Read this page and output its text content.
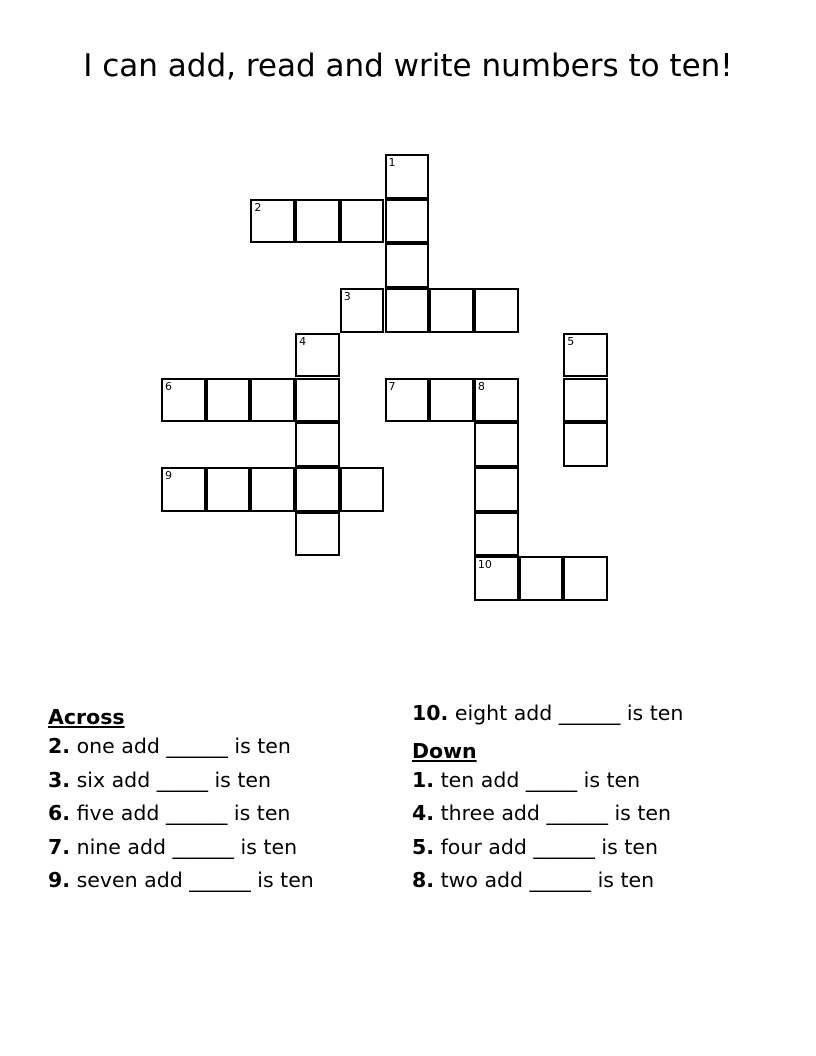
I can add, read and write numbers to ten!
1
2
3
4	5
6	7	8
10
9
Across
2. one add ______ is ten
3. six add _____ is ten
6. five add ______ is ten
7. nine add ______ is ten
9. seven add ______ is ten
10. eight add ______ is ten
Down
1. ten add _____ is ten
4. three add ______ is ten
5. four add ______ is ten
8. two add ______ is ten
